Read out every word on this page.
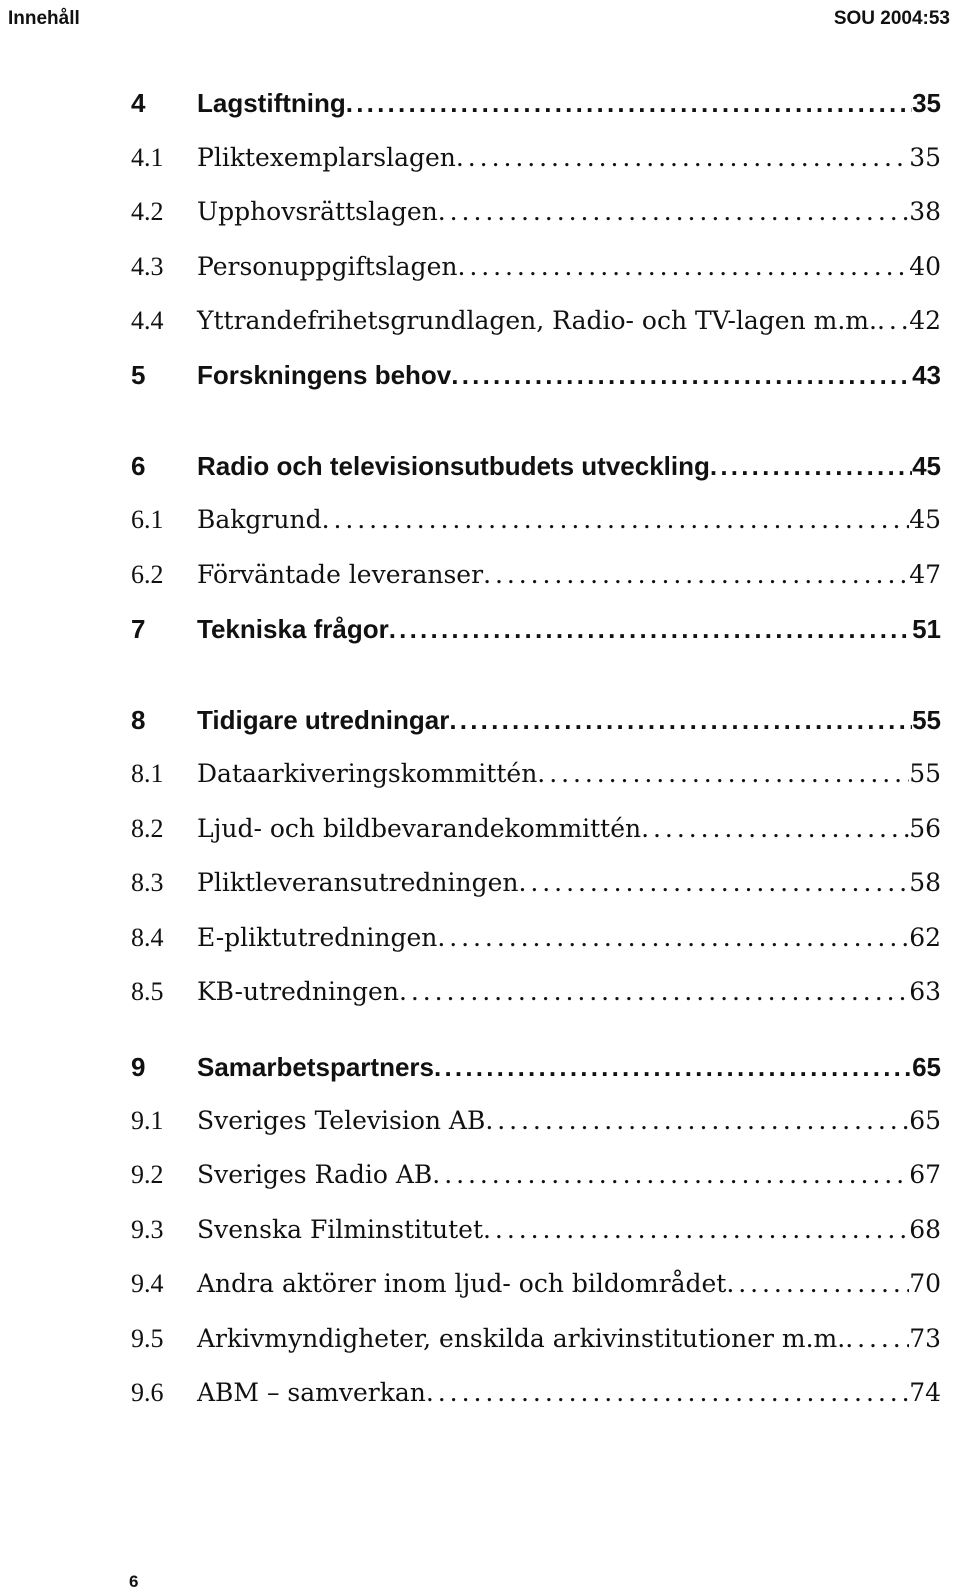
Innehåll	SOU 2004:53
4	Lagstiftning . . .	35
4.1	Pliktexemplarslagen . . .	35
4.2	Upphovsrättslagen . . .	38
4.3	Personuppgiftslagen . . .	40
4.4	Yttrandefrihetsgrundlagen, Radio- och TV-lagen m.m. . . . 42
5	Forskningens behov . . .	43
6	Radio och televisionsutbudets utveckling . . .	45
6.1	Bakgrund . . .	45
6.2	Förväntade leveranser . . .	47
7	Tekniska frågor . . .	51
8	Tidigare utredningar . . .	55
8.1	Dataarkiveringskommittén . . .	55
8.2	Ljud- och bildbevarandekommittén . . .	56
8.3	Pliktleveransutredningen . . .	58
8.4	E-pliktutredningen . . .	62
8.5	KB-utredningen . . .	63
9	Samarbetspartners . . .	65
9.1	Sveriges Television AB . . .	65
9.2	Sveriges Radio AB . . .	67
9.3	Svenska Filminstitutet . . .	68
9.4	Andra aktörer inom ljud- och bildområdet . . .	70
9.5	Arkivmyndigheter, enskilda arkivinstitutioner m.m. . . .	73
9.6	ABM – samverkan . . .	74
6
